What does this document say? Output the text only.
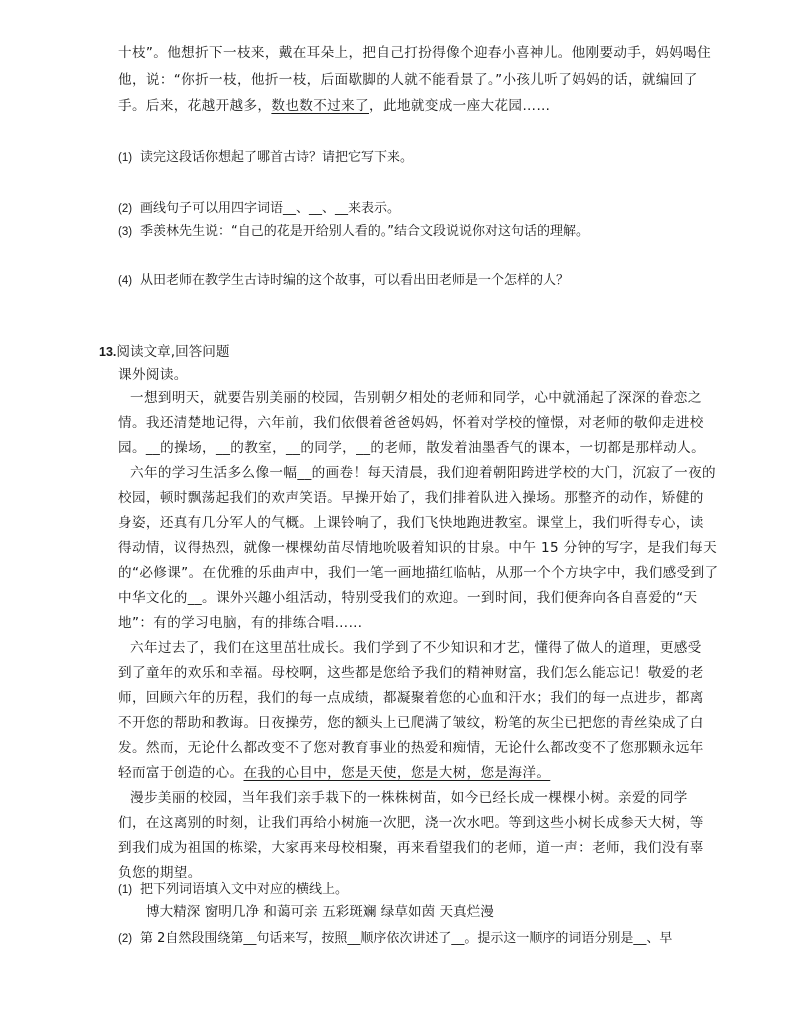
十枝”。他想折下一枝来，戴在耳朵上，把自己打扮得像个迎春小喜神儿。他刚要动手，妈妈喝住
他，说：“你折一枝，他折一枝，后面歇脚的人就不能看景了。”小孩儿听了妈妈的话，就编回了
手。后来，花越开越多，数也数不过来了，此地就变成一座大花园……
(1) 读完这段话你想起了哪首古诗？请把它写下来。
(2) 画线句子可以用四字词语__、__、__来表示。
(3) 季羡林先生说：“自己的花是开给别人看的。”结合文段说说你对这句话的理解。
(4) 从田老师在教学生古诗时编的这个故事，可以看出田老师是一个怎样的人？
13.阅读文章,回答问题
课外阅读。
一想到明天，就要告别美丽的校园，告别朝夕相处的老师和同学，心中就涌起了深深的眷恋之
情。我还清楚地记得，六年前，我们依偎着爸爸妈妈，怀着对学校的憧憬，对老师的敬仰走进校
园。__的操场，__的教室，__的同学，__的老师，散发着油墨香气的课本，一切都是那样动人。
六年的学习生活多么像一幅__的画卷！每天清晨，我们迎着朝阳跨进学校的大门，沉寂了一夜的
校园，顿时飘荡起我们的欢声笑语。早操开始了，我们排着队进入操场。那整齐的动作，矫健的
身姿，还真有几分军人的气概。上课铃响了，我们飞快地跑进教室。课堂上，我们听得专心，读
得动情，议得热烈，就像一棵棵幼苗尽情地吮吸着知识的甘泉。中午 15 分钟的写字，是我们每天
的“必修课”。在优雅的乐曲声中，我们一笔一画地描红临帖，从那一个个方块字中，我们感受到了
中华文化的__。课外兴趣小组活动，特别受我们的欢迎。一到时间，我们便奔向各自喜爱的“天
地”：有的学习电脑，有的排练合唱……
六年过去了，我们在这里茁壮成长。我们学到了不少知识和才艺，懂得了做人的道理，更感受
到了童年的欢乐和幸福。母校啊，这些都是您给予我们的精神财富，我们怎么能忘记！敬爱的老
师，回顾六年的历程，我们的每一点成绩，都凝聚着您的心血和汗水；我们的每一点进步，都离
不开您的帮助和教诲。日夜操劳，您的额头上已爬满了皱纹，粉笔的灰尘已把您的青丝染成了白
发。然而，无论什么都改变不了您对教育事业的热爱和痴情，无论什么都改变不了您那颗永远年
轻而富于创造的心。在我的心目中，您是天使，您是大树，您是海洋。
漫步美丽的校园，当年我们亲手栽下的一株株树苗，如今已经长成一棵棵小树。亲爱的同学
们，在这离别的时刻，让我们再给小树施一次肥，浇一次水吧。等到这些小树长成参天大树，等
到我们成为祖国的栋梁，大家再来母校相聚，再来看望我们的老师，道一声：老师，我们没有辜
负您的期望。
(1) 把下列词语填入文中对应的横线上。
博大精深 窗明几净 和蔼可亲 五彩斑斓 绿草如茵 天真烂漫
(2) 第 2自然段围绕第__句话来写，按照__顺序依次讲述了__。提示这一顺序的词语分别是__、早
